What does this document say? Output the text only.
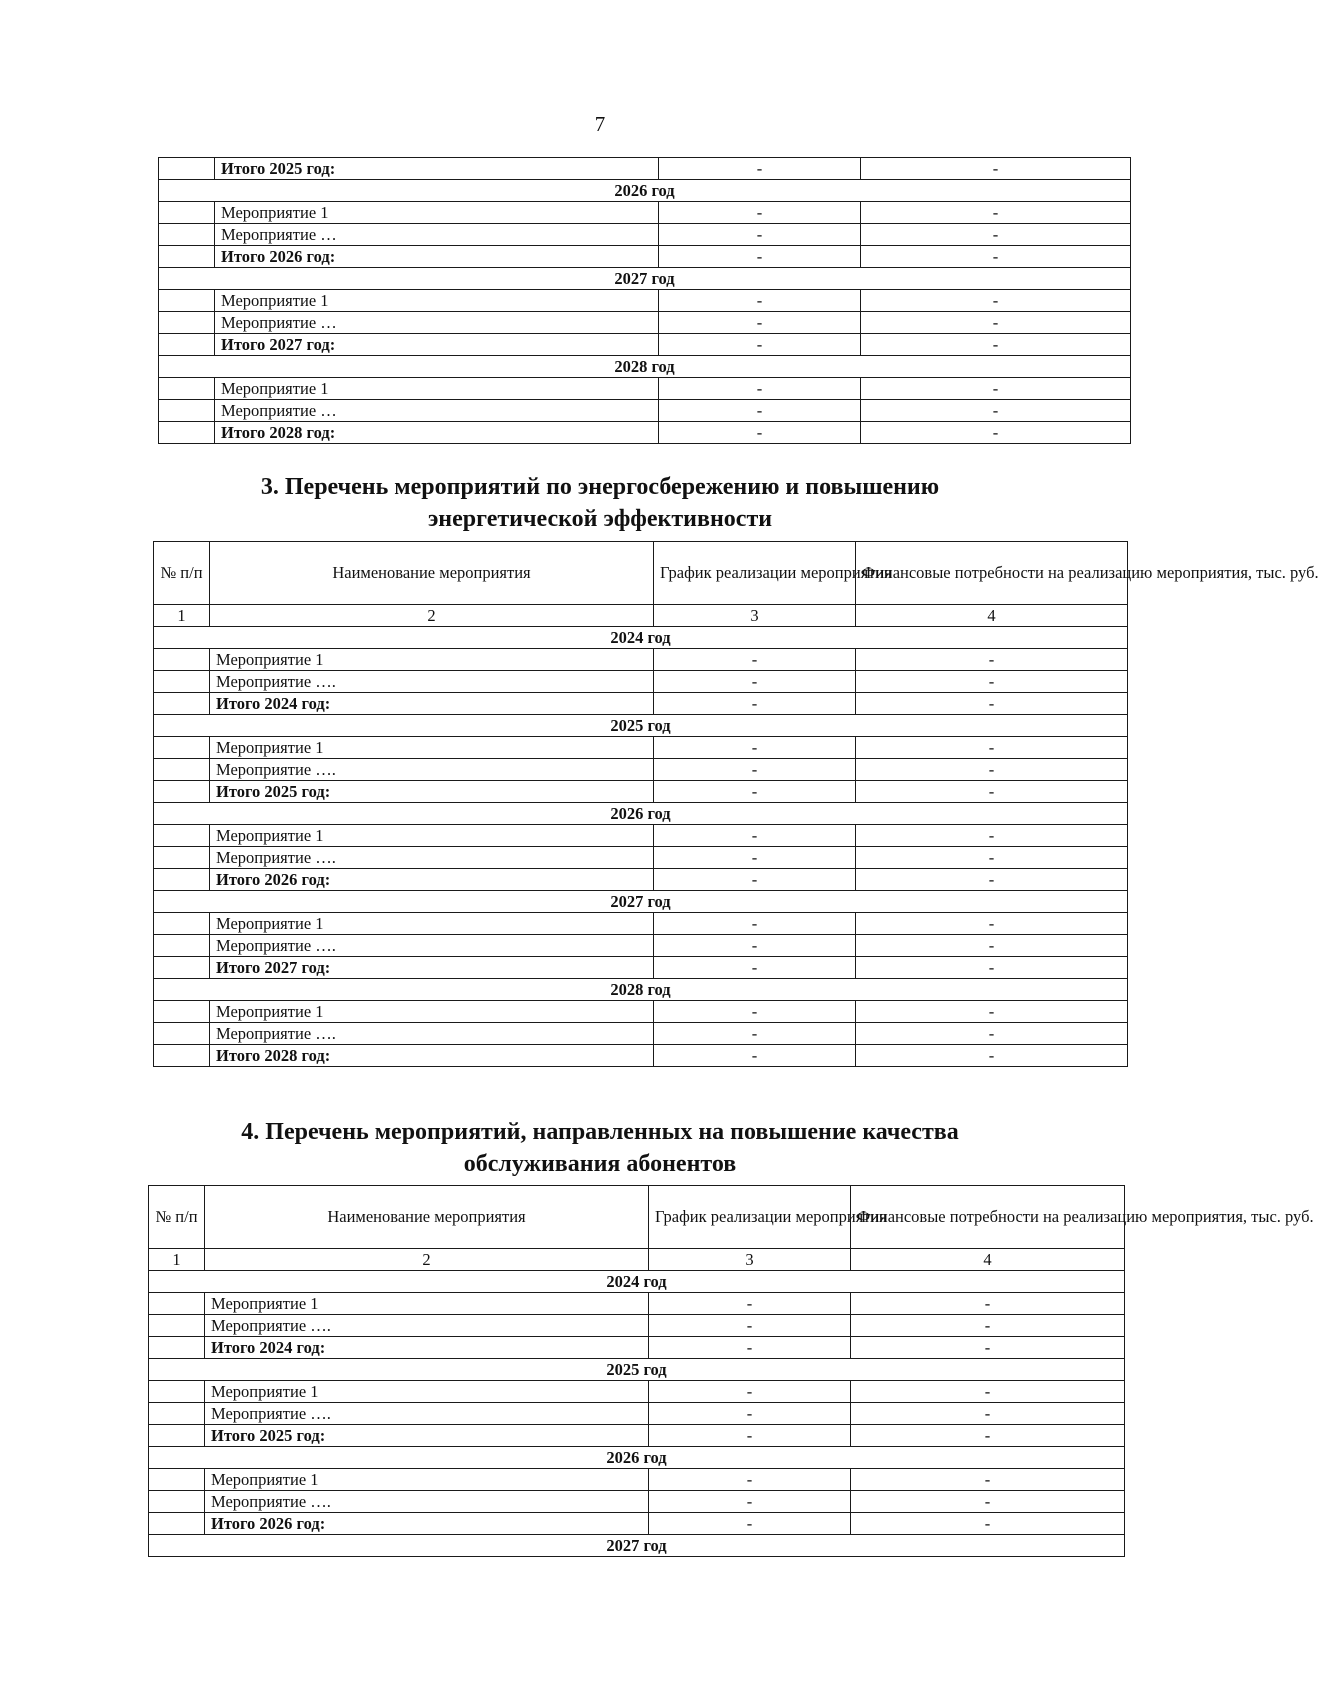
7
	Итого 2025 год:	-	-
2026 год			
	Мероприятие 1	-	-
	Мероприятие …	-	-
	Итого 2026 год:	-	-
2027 год			
	Мероприятие 1	-	-
	Мероприятие …	-	-
	Итого 2027 год:	-	-
2028 год			
	Мероприятие 1	-	-
	Мероприятие …	-	-
	Итого 2028 год:	-	-
3. Перечень мероприятий по энергосбережению и повышению
энергетической эффективности
№ п/п	Наименование мероприятия	График реализации мероприятия	Финансовые потребности на реализацию мероприятия, тыс. руб.
1	2	3	4
2024 год			
	Мероприятие 1	-	-
	Мероприятие ….	-	-
	Итого 2024 год:	-	-
2025 год			
	Мероприятие 1	-	-
	Мероприятие ….	-	-
	Итого 2025 год:	-	-
2026 год			
	Мероприятие 1	-	-
	Мероприятие ….	-	-
	Итого 2026 год:	-	-
2027 год			
	Мероприятие 1	-	-
	Мероприятие ….	-	-
	Итого 2027 год:	-	-
2028 год			
	Мероприятие 1	-	-
	Мероприятие ….	-	-
	Итого 2028 год:	-	-
4. Перечень мероприятий, направленных на повышение качества
обслуживания абонентов
№ п/п	Наименование мероприятия	График реализации мероприятия	Финансовые потребности на реализацию мероприятия, тыс. руб.
1	2	3	4
2024 год			
	Мероприятие 1	-	-
	Мероприятие ….	-	-
	Итого 2024 год:	-	-
2025 год			
	Мероприятие 1	-	-
	Мероприятие ….	-	-
	Итого 2025 год:	-	-
2026 год			
	Мероприятие 1	-	-
	Мероприятие ….	-	-
	Итого 2026 год:	-	-
2027 год			
